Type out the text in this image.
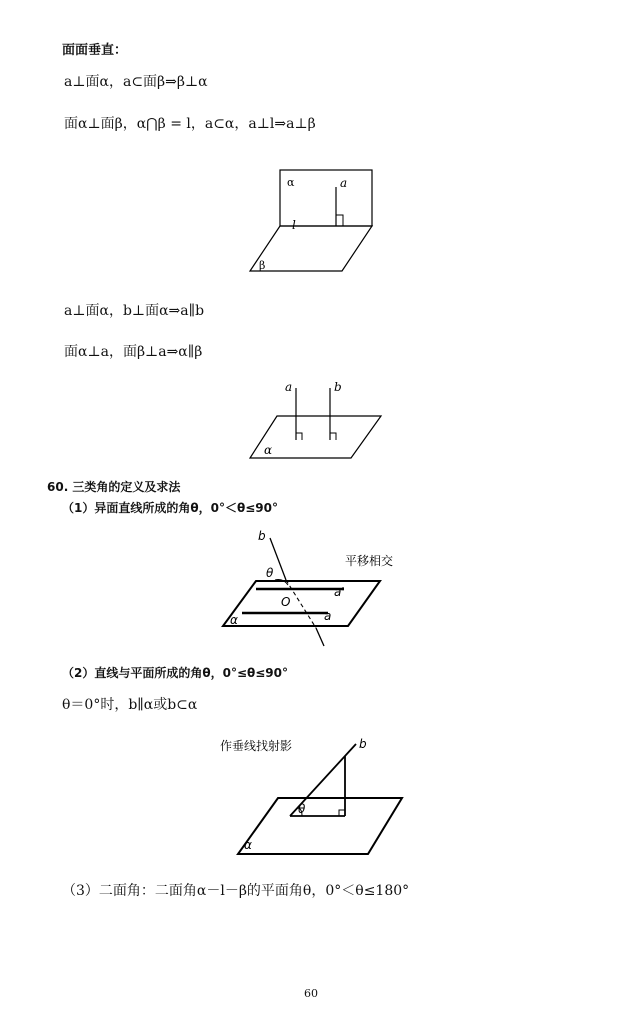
面面垂直：
a⊥面α，a⊂面β⇒β⊥α
面α⊥面β，α⋂β = l，a⊂α，a⊥l⇒a⊥β
α	a
l
β
a⊥面α，b⊥面α⇒a∥b
面α⊥a，面β⊥a⇒α∥β
a	b
α
60. 三类角的定义及求法
（1）异面直线所成的角θ，0°＜θ≤90°
b
θ
O
a'
a
α
平移相交
（2）直线与平面所成的角θ，0°≤θ≤90°
θ＝0°时，b∥α或b⊂α
作垂线找射影	b
θ
α
（3）二面角：二面角α－l－β的平面角θ，0°＜θ≤180°
60
